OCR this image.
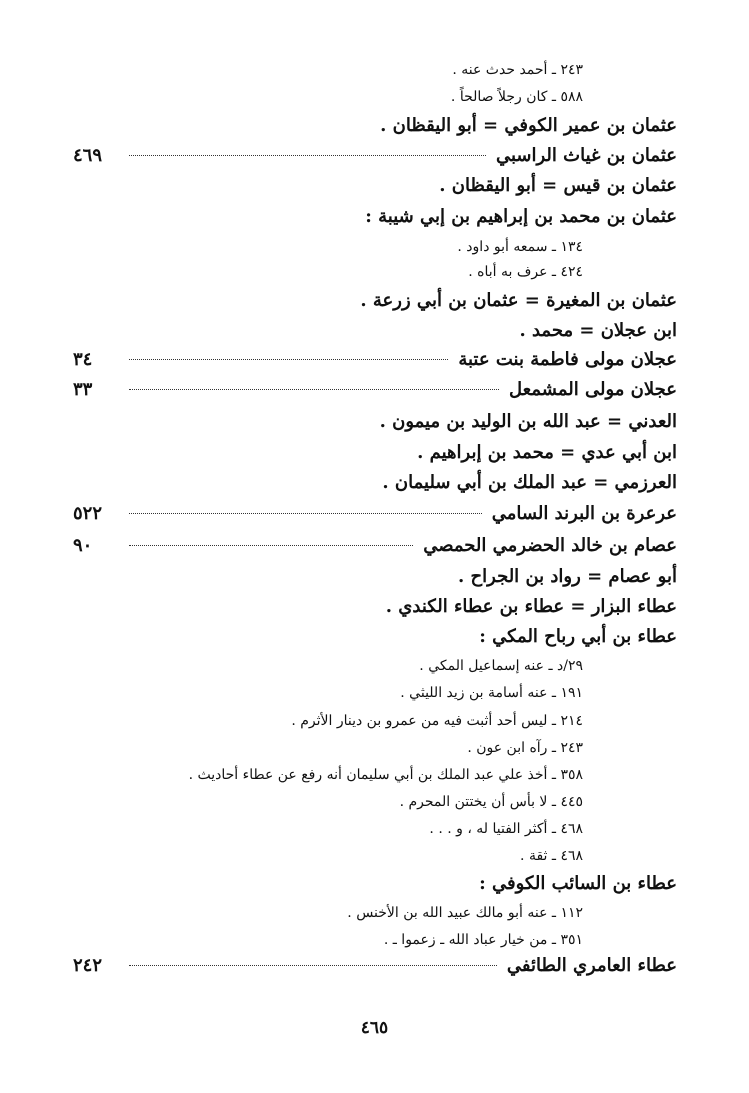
٢٤٣ ـ أحمد حدث عنه .
٥٨٨ ـ كان رجلاً صالحاً .
عثمان بن عمير الكوفي = أبو اليقظان .
عثمان بن غياث الراسبي
٤٦٩
عثمان بن قيس = أبو اليقظان .
عثمان بن محمد بن إبراهيم بن إبي شيبة :
١٣٤ ـ سمعه أبو داود .
٤٢٤ ـ عرف به أباه .
عثمان بن المغيرة = عثمان بن أبي زرعة .
ابن عجلان = محمد .
عجلان مولى فاطمة بنت عتبة
٣٤
عجلان مولى المشمعل
٣٣
العدني = عبد الله بن الوليد بن ميمون .
ابن أبي عدي = محمد بن إبراهيم .
العرزمي = عبد الملك بن أبي سليمان .
عرعرة بن البرند السامي
٥٢٢
عصام بن خالد الحضرمي الحمصي
٩٠
أبو عصام = رواد بن الجراح .
عطاء البزار = عطاء بن عطاء الكندي .
عطاء بن أبي رباح المكي :
٢٩/د ـ عنه إسماعيل المكي .
١٩١ ـ عنه أسامة بن زيد الليثي .
٢١٤ ـ ليس أحد أثبت فيه من عمرو بن دينار الأثرم .
٢٤٣ ـ رآه ابن عون .
٣٥٨ ـ أخذ علي عبد الملك بن أبي سليمان أنه رفع عن عطاء أحاديث .
٤٤٥ ـ لا بأس أن يختتن المحرم .
٤٦٨ ـ أكثر الفتيا له ، و . . .
٤٦٨ ـ ثقة .
عطاء بن السائب الكوفي :
١١٢ ـ عنه أبو مالك عبيد الله بن الأخنس .
٣٥١ ـ من خيار عباد الله ـ زعموا ـ .
عطاء العامري الطائفي
٢٤٢
٤٦٥
